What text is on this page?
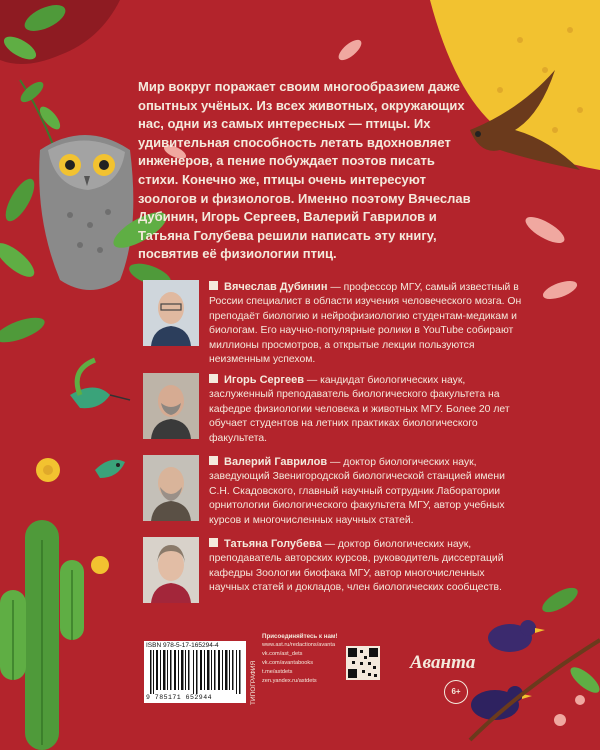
Мир вокруг поражает своим многообразием даже опытных учёных. Из всех животных, окружающих нас, одни из самых интересных — птицы. Их удивительная способность летать вдохновляет инженеров, а пение побуждает поэтов писать стихи. Конечно же, птицы очень интересуют зоологов и физиологов. Именно поэтому Вячеслав Дубинин, Игорь Сергеев, Валерий Гаврилов и Татьяна Голубева решили написать эту книгу, посвятив её физиологии птиц.
Вячеслав Дубинин — профессор МГУ, самый известный в России специалист в области изучения человеческого мозга. Он преподаёт биологию и нейрофизиологию студентам-медикам и биологам. Его научно-популярные ролики в YouTube собирают миллионы просмотров, а открытые лекции пользуются неизменным успехом.
Игорь Сергеев — кандидат биологических наук, заслуженный преподаватель биологического факультета на кафедре физиологии человека и животных МГУ. Более 20 лет обучает студентов на летних практиках биологического факультета.
Валерий Гаврилов — доктор биологических наук, заведующий Звенигородской биологической станцией имени С.Н. Скадовского, главный научный сотрудник Лаборатории орнитологии биологического факультета МГУ, автор учебных курсов и многочисленных научных статей.
Татьяна Голубева — доктор биологических наук, преподаватель авторских курсов, руководитель диссертаций кафедры Зоологии биофака МГУ, автор многочисленных научных статей и докладов, член биологических сообществ.
ISBN 978-5-17-165294-4
9 785171 652944	ТИПОГРАФИЯ
Присоединяйтесь к нам!
www.ast.ru/redactions/avanta
vk.com/ast_dets
vk.com/avantabooks
t.me/astdets
zen.yandex.ru/astdets
Аванта
6+
